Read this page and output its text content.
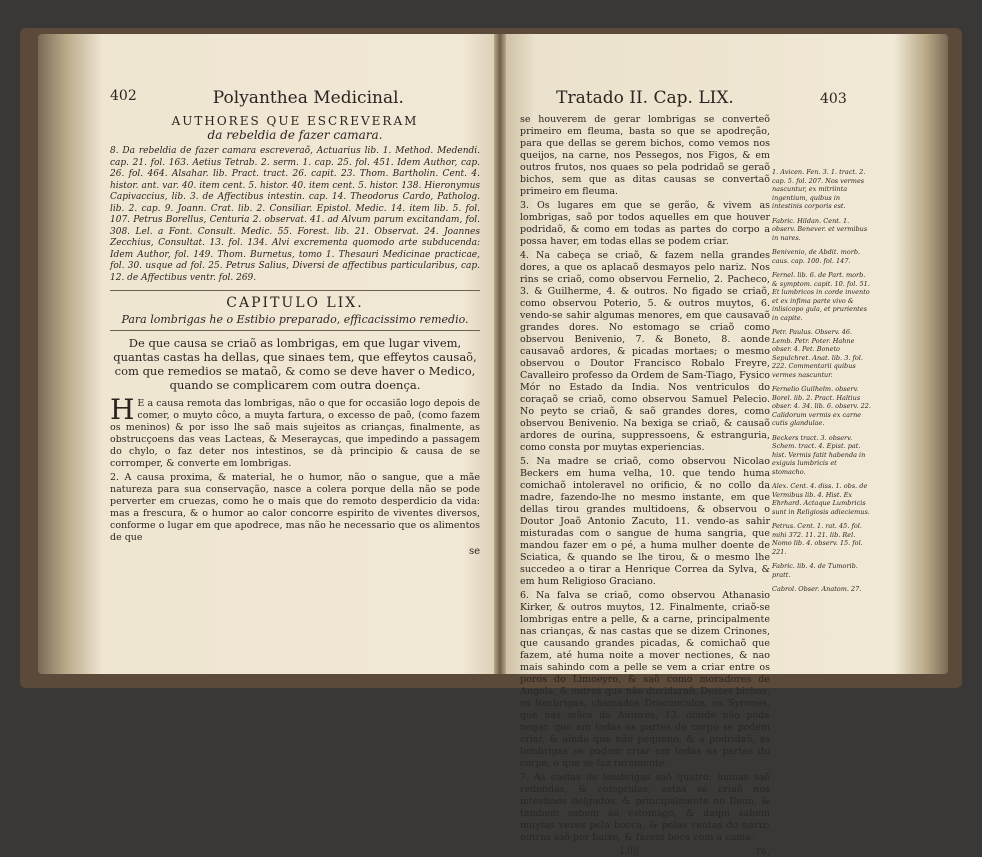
402	Polyanthea Medicinal.
AUTHORES QUE ESCREVERAM
da rebeldia de fazer camara.
8. Da rebeldia de fazer camara escreveraõ, Actuarius lib. 1. Method. Medendi. cap. 21. fol. 163. Aetius Tetrab. 2. serm. 1. cap. 25. fol. 451. Idem Author, cap. 26. fol. 464. Alsahar. lib. Pract. tract. 26. capit. 23. Thom. Bartholin. Cent. 4. histor. ant. var. 40. item cent. 5. histor. 40. item cent. 5. histor. 138. Hieronymus Capivaccius, lib. 3. de Affectibus intestin. cap. 14. Theodorus Cardo, Patholog. lib. 2. cap. 9. Joann. Crat. lib. 2. Consiliar. Epistol. Medic. 14. item lib. 5. fol. 107. Petrus Borellus, Centuria 2. observat. 41. ad Alvum parum excitandam, fol. 308. Lel. a Font. Consult. Medic. 55. Forest. lib. 21. Observat. 24. Joannes Zecchius, Consultat. 13. fol. 134. Alvi excrementa quomodo arte subducenda: Idem Author, fol. 149. Thom. Burnetus, tomo 1. Thesauri Medicinae practicae, fol. 30. usque ad fol. 25. Petrus Salius, Diversi de affectibus particularibus, cap. 12. de Affectibus ventr. fol. 269.
CAPITULO LIX.
Para lombrigas he o Estibio preparado, efficacissimo remedio.
De que causa se criaõ as lombrigas, em que lugar vivem, quantas castas ha dellas, que sinaes tem, que effeytos causaõ, com que remedios se mataõ, & como se deve haver o Medico, quando se complicarem com outra doença.
H E a causa remota das lombrigas, não o que for occasião logo depois de comer, o muyto côco, a muyta fartura, o excesso de paõ, (como fazem os meninos) & por isso lhe saõ mais sujeitos as crianças, finalmente, as obstrucçoens das veas Lacteas, & Meseraycas, que impedindo a passagem do chylo, o faz deter nos intestinos, se dà principio & causa de se corromper, & converte em lombrigas.
2. A causa proxima, & material, he o humor, não o sangue, que a mãe natureza para sua conservação, nasce a colera porque della não se pode perverter em cruezas, como he o mais que do remoto desperdicio da vida: mas a frescura, & o humor ao calor concorre espirito de viventes diversos, conforme o lugar em que apodrece, mas não he necessario que os alimentos de que
se
Tratado II. Cap. LIX.
se houverem de gerar lombrigas se converteõ primeiro em fleuma, basta so que se apodreção, para que dellas se gerem bichos, como vemos nos queijos, na carne, nos Pessegos, nos Figos, & em outros frutos, nos quaes so pela podridaõ se geraõ bichos, sem que as ditas causas se convertaõ primeiro em fleuma.
3. Os lugares em que se gerão, & vivem as lombrigas, saõ por todos aquelles em que houver podridaõ, & como em todas as partes do corpo a possa haver, em todas ellas se podem criar.
4. Na cabeça se criaõ, & fazem nella grandes dores, a que os aplacaõ desmayos pelo nariz. Nos rins se criaõ, como observou Fernelio, 2. Pacheco, 3. & Guilherme, 4. & outros. No figado se criaõ, como observou Poterio, 5. & outros muytos, 6. vendo-se sahir algumas menores, em que causavaõ grandes dores. No estomago se criaõ como observou Benivenio, 7. & Boneto, 8. aonde causavaõ ardores, & picadas mortaes; o mesmo observou o Doutor Francisco Robalo Freyre, Cavalleiro professo da Ordem de Sam-Tiago, Fysico Mór no Estado da India. Nos ventriculos do coraçaõ se criaõ, como observou Samuel Pelecio. No peyto se criaõ, & saõ grandes dores, como observou Benivenio. Na bexiga se criaõ, & causaõ ardores de ourina, suppressoens, & estranguria, como consta por muytas experiencias.
5. Na madre se criaõ, como observou Nicolao Beckers em huma velha, 10. que tendo huma comichaõ intoleravel no orificio, & no collo da madre, fazendo-lhe no mesmo instante, em que dellas tirou grandes multidoens, & observou o Doutor Joaõ Antonio Zacuto, 11. vendo-as sahir misturadas com o sangue de huma sangria, que mandou fazer em o pé, a huma mulher doente de Sciatica, & quando se lhe tirou, & o mesmo lhe succedeo a o tirar a Henrique Correa da Sylva, & em hum Religioso Graciano.
6. Na falva se criaõ, como observou Athanasio Kirker, & outros muytos, 12. Finalmente, criaõ-se lombrigas entre a pelle, & a carne, principalmente nas crianças, & nas castas que se dizem Crinones, que causando grandes picadas, & comichaõ que fazem, até huma noite a mover nectiones, & nao mais sahindo com a pelle se vem a criar entre os poros do Limoeyro, & saõ como moradores de Angola, & outros que não duvidaraõ. Destes bichos, os lombrigas, chamados Dracunculos, os Syrones, que nas mãos do Autores, 13. donde não pode negar, que em todas as partes do corpo se podem criar, & ainda que não pequeno, & a podridaõ, as lombrigas se podem criar em todas as partes do corpo, o que se faz raramente.
7. As castas de lombrigas saõ quatro: humas saõ redondas, & compridas, estas se criaõ nos intestinos delgados, & principalmente no Ileon, & tambem sobem ao estomago, & daqui sahem muytas vezes pela bocca, & pelas ventas do nariz; outras saõ por baixo, & fazem boca com a cama-
Liiij	ra,
403
1. Avicen. Fen. 3. 1. tract. 2. cap. 5. fol. 207. Nos vermes nascuntur, ex mitriinta ingentium, quibus in intestinis corporis est.
Fabric. Hildan. Cent. 1. observ. Benever. et vermibus in nares.
Benivenio, de Abdit. morb. caus. cap. 100. fol. 147.
Fernel. lib. 6. de Part. morb. & symptom. capit. 10. fol. 51. Et lumbricos in corde invento et ex infima parte vivo & inlisicopo gula, et prurientes in capite.
Petr. Paulus. Observ. 46. Lemb. Petr. Poter. Hahne obser. 4. Pet. Boneto Sepulchret. Anat. lib. 3. fol. 222. Commentarii quibus vermes nascuntur.
Fernelio Guilhelm. observ. Borel. lib. 2. Pract. Haltius obser. 4. 34. lib. 6. observ. 22. Calidorum vermis ex carne cutis glandulae.
Beckers tract. 3. observ. Schem. tract. 4. Epist. pat. hist. Vermis fatit habenda in exiguis lumbricis et stomacho.
Alex. Cent. 4. diss. 1. obs. de Vermibus lib. 4. Hist. Ex Ehrhard. Actaque Lumbricis sunt in Religiosis adieciemus.
Petrus. Cent. 1. rat. 45. fol. mihi 372. 11. 21. lib. Rel. Nomo lib. 4. observ. 15. fol. 221.
Fabric. lib. 4. de Tumorib. pratt.
Cabrol. Obser. Anatom. 27.
